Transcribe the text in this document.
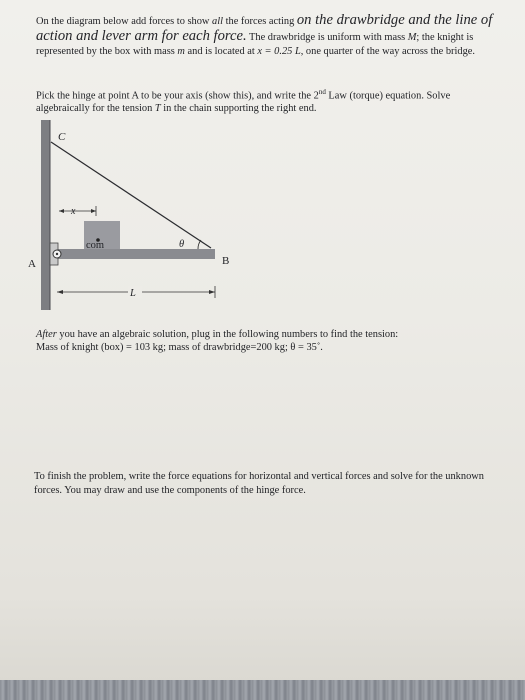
On the diagram below add forces to show all the forces acting on the drawbridge and the line of action and lever arm for each force. The drawbridge is uniform with mass M; the knight is represented by the box with mass m and is located at x = 0.25 L, one quarter of the way across the bridge.
Pick the hinge at point A to be your axis (show this), and write the 2nd Law (torque) equation. Solve algebraically for the tension T in the chain supporting the right end.
C
x
com	θ
A	B
L
After you have an algebraic solution, plug in the following numbers to find the tension:
Mass of knight (box) = 103 kg; mass of drawbridge=200 kg; θ = 35˚.
To finish the problem, write the force equations for horizontal and vertical forces and solve for the unknown forces. You may draw and use the components of the hinge force.
